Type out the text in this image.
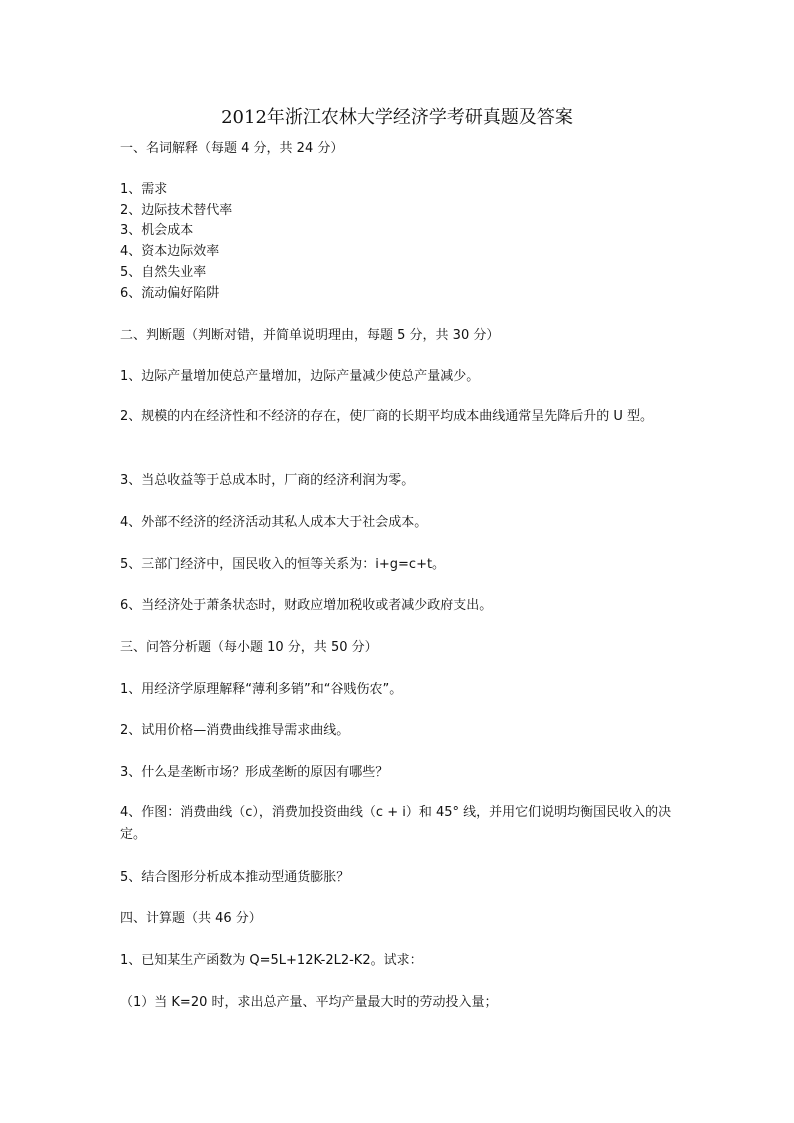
2012年浙江农林大学经济学考研真题及答案
一、名词解释（每题 4 分，共 24 分）
1、需求
2、边际技术替代率
3、机会成本
4、资本边际效率
5、自然失业率
6、流动偏好陷阱
二、判断题（判断对错，并简单说明理由，每题 5 分，共 30 分）
1、边际产量增加使总产量增加，边际产量减少使总产量减少。
2、规模的内在经济性和不经济的存在，使厂商的长期平均成本曲线通常呈先降后升的 U 型。
3、当总收益等于总成本时，厂商的经济利润为零。
4、外部不经济的经济活动其私人成本大于社会成本。
5、三部门经济中，国民收入的恒等关系为：i+g=c+t。
6、当经济处于萧条状态时，财政应增加税收或者减少政府支出。
三、问答分析题（每小题 10 分，共 50 分）
1、用经济学原理解释“薄利多销”和“谷贱伤农”。
2、试用价格—消费曲线推导需求曲线。
3、什么是垄断市场？形成垄断的原因有哪些？
4、作图：消费曲线（c），消费加投资曲线（c + i）和 45° 线，并用它们说明均衡国民收入的决定。
5、结合图形分析成本推动型通货膨胀？
四、计算题（共 46 分）
1、已知某生产函数为 Q=5L+12K-2L2-K2。试求：
（1）当 K=20 时，求出总产量、平均产量最大时的劳动投入量；
